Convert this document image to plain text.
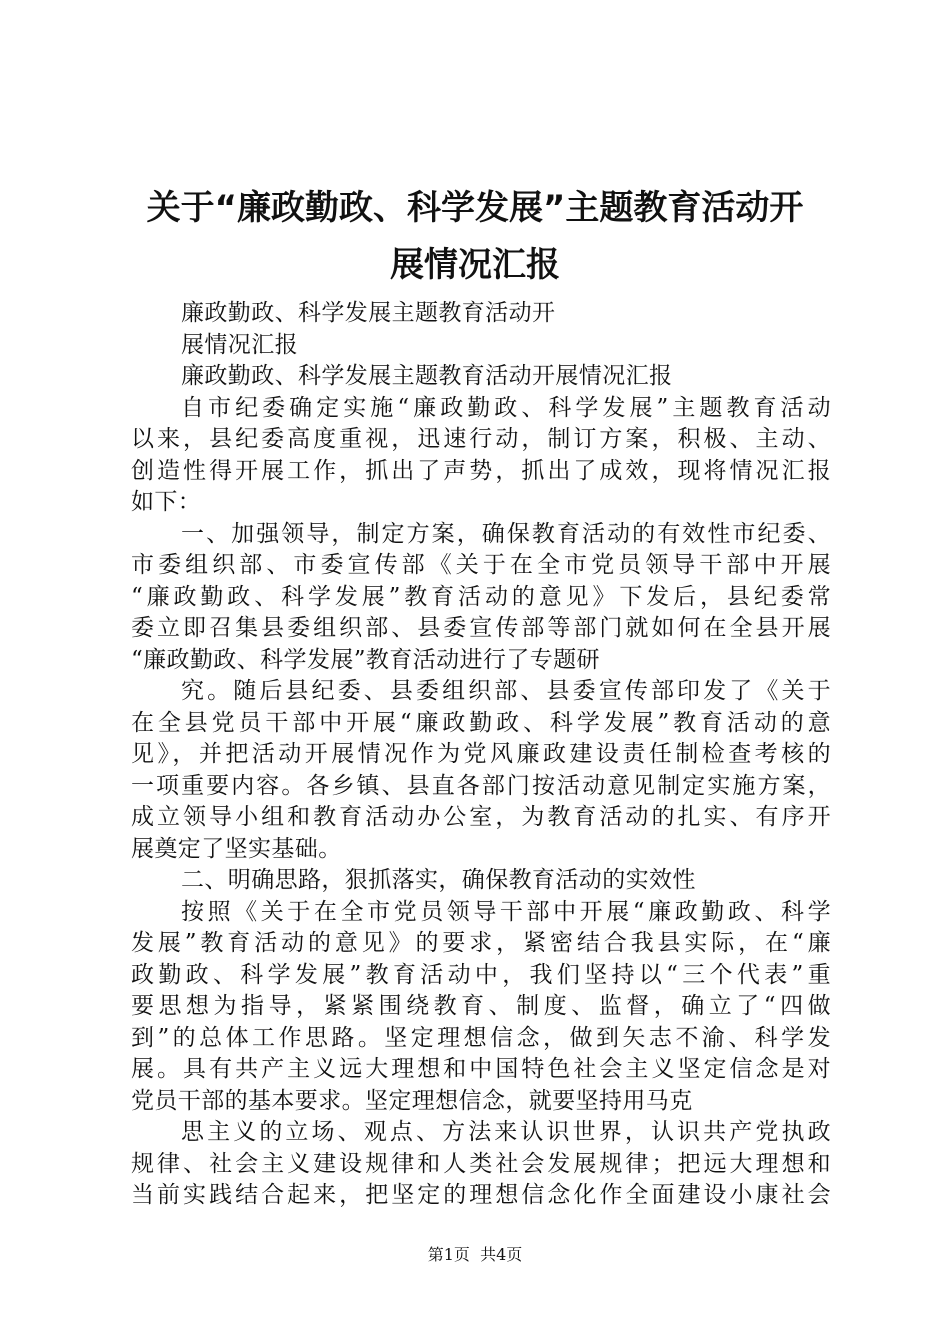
关于“廉政勤政、科学发展”主题教育活动开
展情况汇报
廉政勤政、科学发展主题教育活动开
展情况汇报
廉政勤政、科学发展主题教育活动开展情况汇报
自市纪委确定实施“廉政勤政、科学发展”主题教育活动
以来，县纪委高度重视，迅速行动，制订方案，积极、主动、
创造性得开展工作，抓出了声势，抓出了成效，现将情况汇报
如下：
一、加强领导，制定方案，确保教育活动的有效性市纪委、
市委组织部、市委宣传部《关于在全市党员领导干部中开展
“廉政勤政、科学发展”教育活动的意见》下发后，县纪委常
委立即召集县委组织部、县委宣传部等部门就如何在全县开展
“廉政勤政、科学发展”教育活动进行了专题研
究。随后县纪委、县委组织部、县委宣传部印发了《关于
在全县党员干部中开展“廉政勤政、科学发展”教育活动的意
见》，并把活动开展情况作为党风廉政建设责任制检查考核的
一项重要内容。各乡镇、县直各部门按活动意见制定实施方案，
成立领导小组和教育活动办公室，为教育活动的扎实、有序开
展奠定了坚实基础。
二、明确思路，狠抓落实，确保教育活动的实效性
按照《关于在全市党员领导干部中开展“廉政勤政、科学
发展”教育活动的意见》的要求，紧密结合我县实际，在“廉
政勤政、科学发展”教育活动中，我们坚持以“三个代表”重
要思想为指导，紧紧围绕教育、制度、监督，确立了“四做
到”的总体工作思路。坚定理想信念，做到矢志不渝、科学发
展。具有共产主义远大理想和中国特色社会主义坚定信念是对
党员干部的基本要求。坚定理想信念，就要坚持用马克
思主义的立场、观点、方法来认识世界，认识共产党执政
规律、社会主义建设规律和人类社会发展规律；把远大理想和
当前实践结合起来，把坚定的理想信念化作全面建设小康社会
第1页  共4页
